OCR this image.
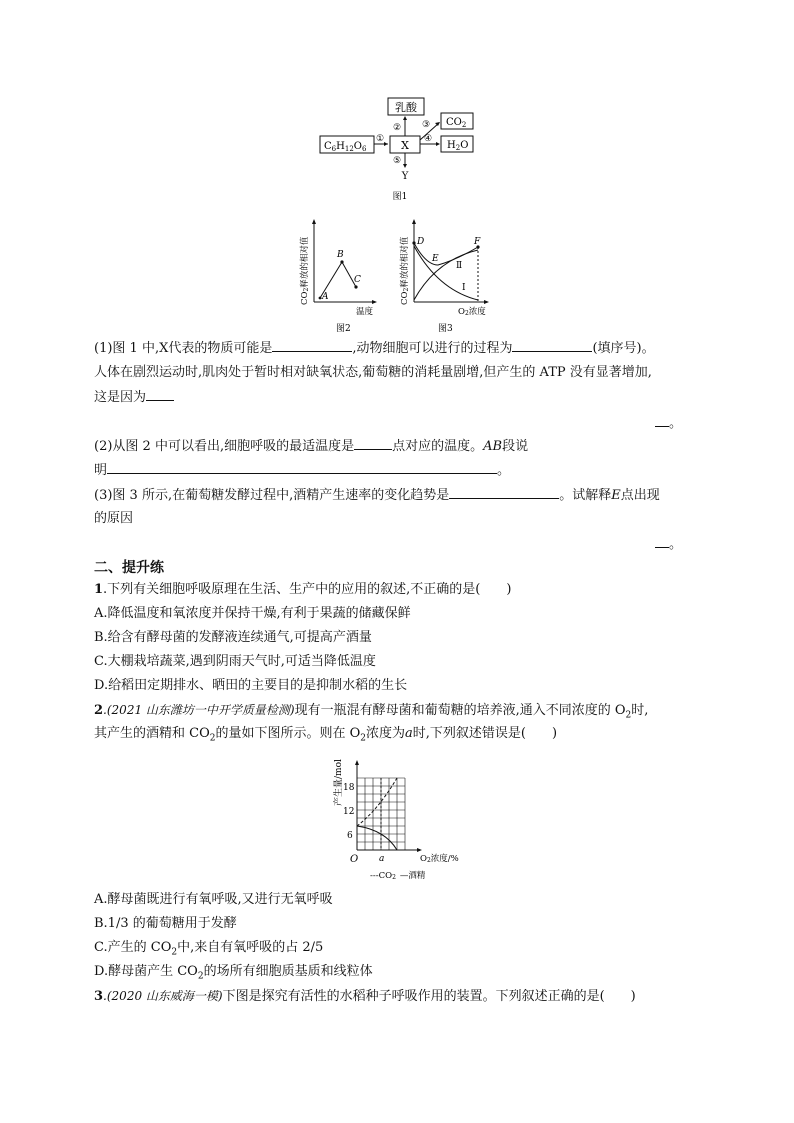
乳酸
$C_6H_{12}O_6$	X
$CO_2$
$H_2O$
①
② ③
④
⑤
Y
图1
CO2释放的相对值
A
B
C
温度
图2
CO2释放的相对值 D
E
F
Ⅱ
Ⅰ
O2浓度
图3
(1)图 1 中,X代表的物质可能是	,动物细胞可以进行的过程为	(填序号)。
人体在剧烈运动时,肌肉处于暂时相对缺氧状态,葡萄糖的消耗量剧增,但产生的 ATP 没有显著增加,
这是因为
。
(2)从图 2 中可以看出,细胞呼吸的最适温度是	点对应的温度。AB段说
明	。
(3)图 3 所示,在葡萄糖发酵过程中,酒精产生速率的变化趋势是	。试解释E点出现
的原因
。
二、提升练
1.下列有关细胞呼吸原理在生活、生产中的应用的叙述,不正确的是(　　)
A.降低温度和氧浓度并保持干燥,有利于果蔬的储藏保鲜
B.给含有酵母菌的发酵液连续通气,可提高产酒量
C.大棚栽培蔬菜,遇到阴雨天气时,可适当降低温度
D.给稻田定期排水、晒田的主要目的是抑制水稻的生长
2.(2021 山东潍坊一中开学质量检测)现有一瓶混有酵母菌和葡萄糖的培养液,通入不同浓度的 $O_2$时,
其产生的酒精和 $CO_2$的量如下图所示。则在 $O_2$浓度为a时,下列叙述错误是(　　)
产生量/mol 18
12
6
O a	O2浓度/%
---CO2 —酒精
A.酵母菌既进行有氧呼吸,又进行无氧呼吸
B.1/3 的葡萄糖用于发酵
C.产生的 $CO_2$中,来自有氧呼吸的占 2/5
D.酵母菌产生 $CO_2$的场所有细胞质基质和线粒体
3.(2020 山东威海一模)下图是探究有活性的水稻种子呼吸作用的装置。下列叙述正确的是(　　)
